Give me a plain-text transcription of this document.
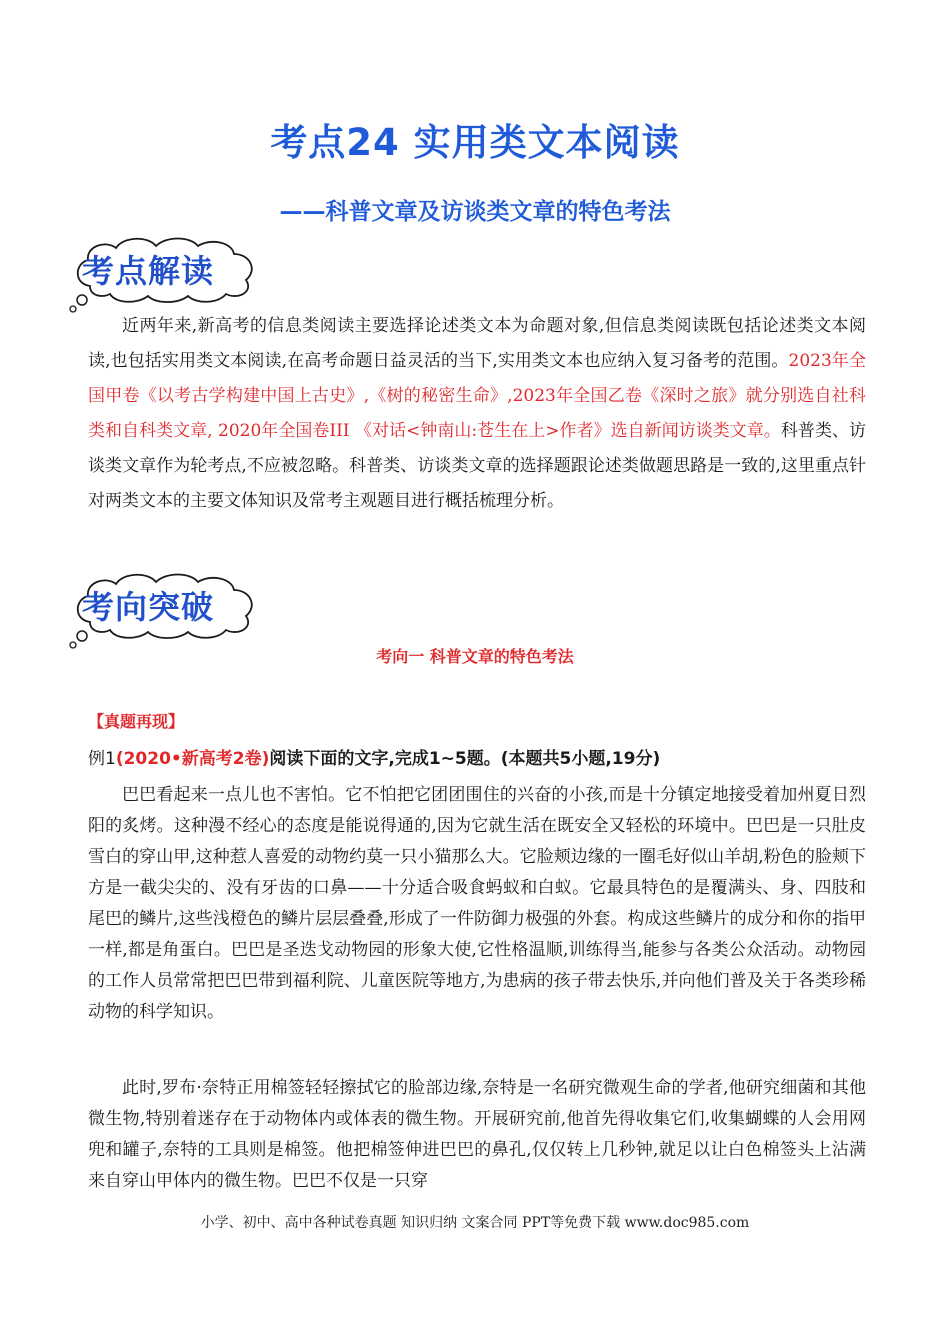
考点24 实用类文本阅读
——科普文章及访谈类文章的特色考法
考点解读

近两年来,新高考的信息类阅读主要选择论述类文本为命题对象,但信息类阅读既包括论述类文本阅读,也包括实用类文本阅读,在高考命题日益灵活的当下,实用类文本也应纳入复习备考的范围。2023年全国甲卷《以考古学构建中国上古史》,《树的秘密生命》,2023年全国乙卷《深时之旅》就分别选自社科类和自科类文章, 2020年全国卷III 《对话<钟南山:苍生在上>作者》选自新闻访谈类文章。科普类、访谈类文章作为轮考点,不应被忽略。科普类、访谈类文章的选择题跟论述类做题思路是一致的,这里重点针对两类文本的主要文体知识及常考主观题目进行概括梳理分析。

考向突破
考向一 科普文章的特色考法
【真题再现】
例1(2020•新高考2卷)阅读下面的文字,完成1~5题。(本题共5小题,19分)

巴巴看起来一点儿也不害怕。它不怕把它团团围住的兴奋的小孩,而是十分镇定地接受着加州夏日烈阳的炙烤。这种漫不经心的态度是能说得通的,因为它就生活在既安全又轻松的环境中。巴巴是一只肚皮雪白的穿山甲,这种惹人喜爱的动物约莫一只小猫那么大。它脸颊边缘的一圈毛好似山羊胡,粉色的脸颊下方是一截尖尖的、没有牙齿的口鼻——十分适合吸食蚂蚁和白蚁。它最具特色的是覆满头、身、四肢和尾巴的鳞片,这些浅橙色的鳞片层层叠叠,形成了一件防御力极强的外套。构成这些鳞片的成分和你的指甲一样,都是角蛋白。巴巴是圣迭戈动物园的形象大使,它性格温顺,训练得当,能参与各类公众活动。动物园的工作人员常常把巴巴带到福利院、儿童医院等地方,为患病的孩子带去快乐,并向他们普及关于各类珍稀动物的科学知识。

此时,罗布·奈特正用棉签轻轻擦拭它的脸部边缘,奈特是一名研究微观生命的学者,他研究细菌和其他微生物,特别着迷存在于动物体内或体表的微生物。开展研究前,他首先得收集它们,收集蝴蝶的人会用网兜和罐子,奈特的工具则是棉签。他把棉签伸进巴巴的鼻孔,仅仅转上几秒钟,就足以让白色棉签头上沾满来自穿山甲体内的微生物。巴巴不仅是一只穿

小学、初中、高中各种试卷真题 知识归纳 文案合同 PPT等免费下载 www.doc985.com
